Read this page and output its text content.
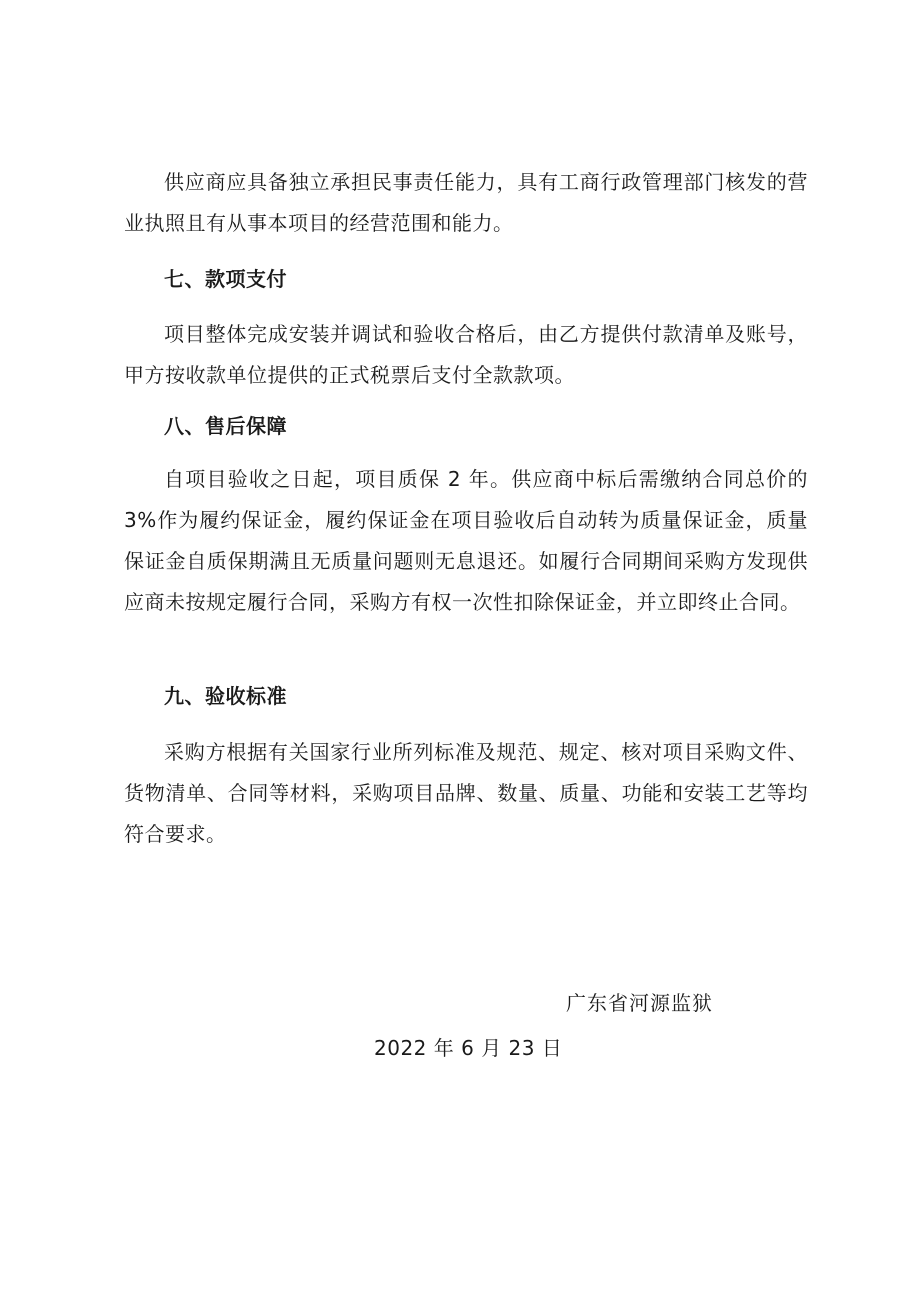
供应商应具备独立承担民事责任能力，具有工商行政管理部门核发的营业执照且有从事本项目的经营范围和能力。

七、款项支付

项目整体完成安装并调试和验收合格后，由乙方提供付款清单及账号，甲方按收款单位提供的正式税票后支付全款款项。

八、售后保障

自项目验收之日起，项目质保 2 年。供应商中标后需缴纳合同总价的 3%作为履约保证金，履约保证金在项目验收后自动转为质量保证金，质量保证金自质保期满且无质量问题则无息退还。如履行合同期间采购方发现供应商未按规定履行合同，采购方有权一次性扣除保证金，并立即终止合同。

九、验收标准

采购方根据有关国家行业所列标准及规范、规定、核对项目采购文件、货物清单、合同等材料，采购项目品牌、数量、质量、功能和安装工艺等均符合要求。

广东省河源监狱
2022 年 6 月 23 日
